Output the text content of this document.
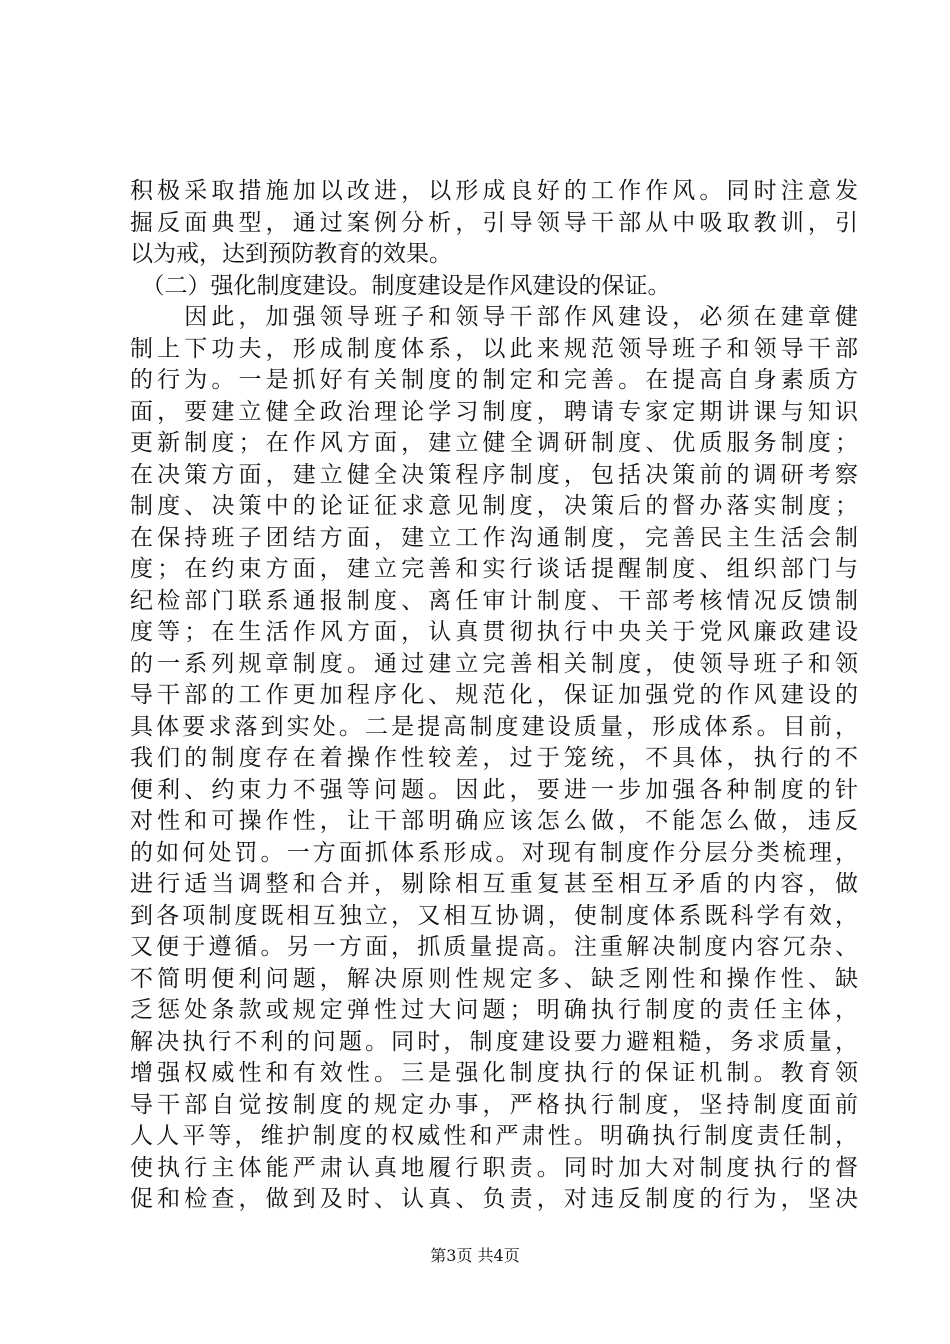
积极采取措施加以改进，以形成良好的工作作风。同时注意发
掘反面典型，通过案例分析，引导领导干部从中吸取教训，引
以为戒，达到预防教育的效果。
　（二）强化制度建设。制度建设是作风建设的保证。
　　因此，加强领导班子和领导干部作风建设，必须在建章健
制上下功夫，形成制度体系，以此来规范领导班子和领导干部
的行为。一是抓好有关制度的制定和完善。在提高自身素质方
面，要建立健全政治理论学习制度，聘请专家定期讲课与知识
更新制度；在作风方面，建立健全调研制度、优质服务制度；
在决策方面，建立健全决策程序制度，包括决策前的调研考察
制度、决策中的论证征求意见制度，决策后的督办落实制度；
在保持班子团结方面，建立工作沟通制度，完善民主生活会制
度；在约束方面，建立完善和实行谈话提醒制度、组织部门与
纪检部门联系通报制度、离任审计制度、干部考核情况反馈制
度等；在生活作风方面，认真贯彻执行中央关于党风廉政建设
的一系列规章制度。通过建立完善相关制度，使领导班子和领
导干部的工作更加程序化、规范化，保证加强党的作风建设的
具体要求落到实处。二是提高制度建设质量，形成体系。目前，
我们的制度存在着操作性较差，过于笼统，不具体，执行的不
便利、约束力不强等问题。因此，要进一步加强各种制度的针
对性和可操作性，让干部明确应该怎么做，不能怎么做，违反
的如何处罚。一方面抓体系形成。对现有制度作分层分类梳理，
进行适当调整和合并，剔除相互重复甚至相互矛盾的内容，做
到各项制度既相互独立，又相互协调，使制度体系既科学有效，
又便于遵循。另一方面，抓质量提高。注重解决制度内容冗杂、
不简明便利问题，解决原则性规定多、缺乏刚性和操作性、缺
乏惩处条款或规定弹性过大问题；明确执行制度的责任主体，
解决执行不利的问题。同时，制度建设要力避粗糙，务求质量，
增强权威性和有效性。三是强化制度执行的保证机制。教育领
导干部自觉按制度的规定办事，严格执行制度，坚持制度面前
人人平等，维护制度的权威性和严肃性。明确执行制度责任制，
使执行主体能严肃认真地履行职责。同时加大对制度执行的督
促和检查，做到及时、认真、负责，对违反制度的行为，坚决
第3页 共4页
